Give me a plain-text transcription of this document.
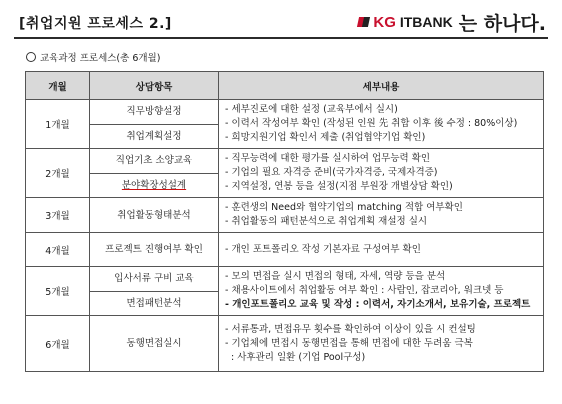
[취업지원 프로세스 2.]	KG ITBANK 는 하나다.
교육과정 프로세스(총 6개월)
개월	상담항목	세부내용
1개월	직무방향설정	- 세부진로에 대한 설정 (교육부에서 실시)
- 이력서 작성여부 확인 (작성된 인원 先 취합 이후 後 수정 : 80%이상)
- 희망지원기업 확인서 제출 (취업협약기업 확인)

	취업계획설정	
2개월	직업기초 소양교육	- 직무능력에 대한 평가를 실시하여 업무능력 확인
- 기업의 필요 자격증 준비(국가자격증, 국제자격증)
- 지역설정, 연봉 등을 설정(지점 부원장 개별상담 확인)

	분야확장성설계	
3개월	취업활동형태분석	- 훈련생의 Need와 협약기업의 matching 적합 여부확인
- 취업활동의 패턴분석으로 취업계획 재설정 실시

4개월	프로젝트 진행여부 확인	- 개인 포트폴리오 작성 기본자료 구성여부 확인

5개월	입사서류 구비 교육	- 모의 면접을 실시 면접의 형태, 자세, 역량 등을 분석
- 채용사이트에서 취업활동 여부 확인 : 사람인, 잡코리아, 워크넷 등
- 개인포트폴리오 교육 및 작성 : 이력서, 자기소개서, 보유기술, 프로젝트

	면접패턴분석	
6개월	동행면접실시	- 서류통과, 면접유무 횟수를 확인하여 이상이 있을 시 컨설팅
- 기업체에 면접시 동행면접을 통해 면접에 대한 두려움 극복
: 사후관리 일환 (기업 Pool구성)
